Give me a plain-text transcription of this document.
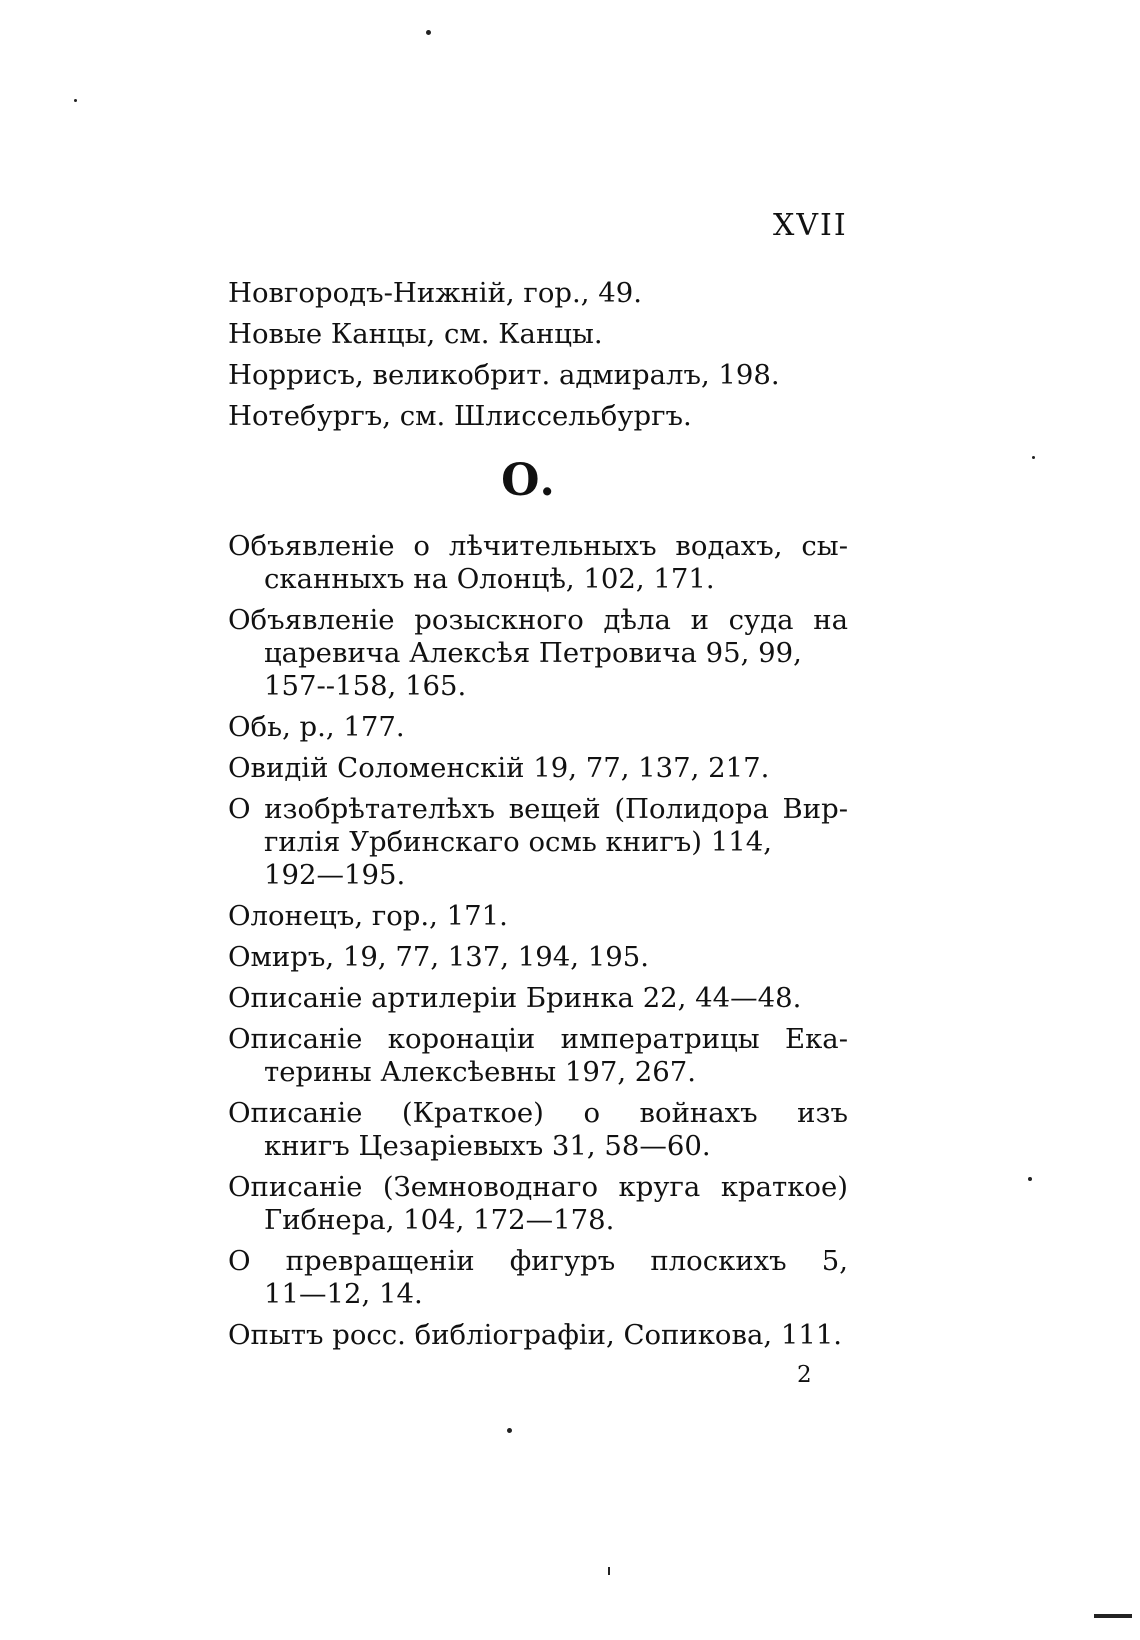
XVII
Новгородъ-Нижнiй, гор., 49.
Новые Канцы, см. Канцы.
Норрисъ, великобрит. адмиралъ, 198.
Нотебургъ, см. Шлиссельбургъ.
О.
Объявленiе о лѣчительныхъ водахъ, сы-
сканныхъ на Олонцѣ, 102, 171.
Объявленiе розыскного дѣла и суда на
царевича Алексѣя Петровича 95, 99,
157--158, 165.
Обь, р., 177.
Овидiй Соломенскiй 19, 77, 137, 217.
О изобрѣтателѣхъ вещей (Полидора Вир-
гилiя Урбинскаго осмь книгъ) 114,
192—195.
Олонецъ, гор., 171.
Омиръ, 19, 77, 137, 194, 195.
Описанiе артилерiи Бринка 22, 44—48.
Описанiе коронацiи императрицы Ека-
терины Алексѣевны 197, 267.
Описанiе (Краткое) о войнахъ изъ
книгъ Цезарiевыхъ 31, 58—60.
Описанiе (Земноводнаго круга краткое)
Гибнера, 104, 172—178.
О превращенiи фигуръ плоскихъ 5,
11—12, 14.
Опытъ росс. библiографiи, Сопикова, 111.
2
